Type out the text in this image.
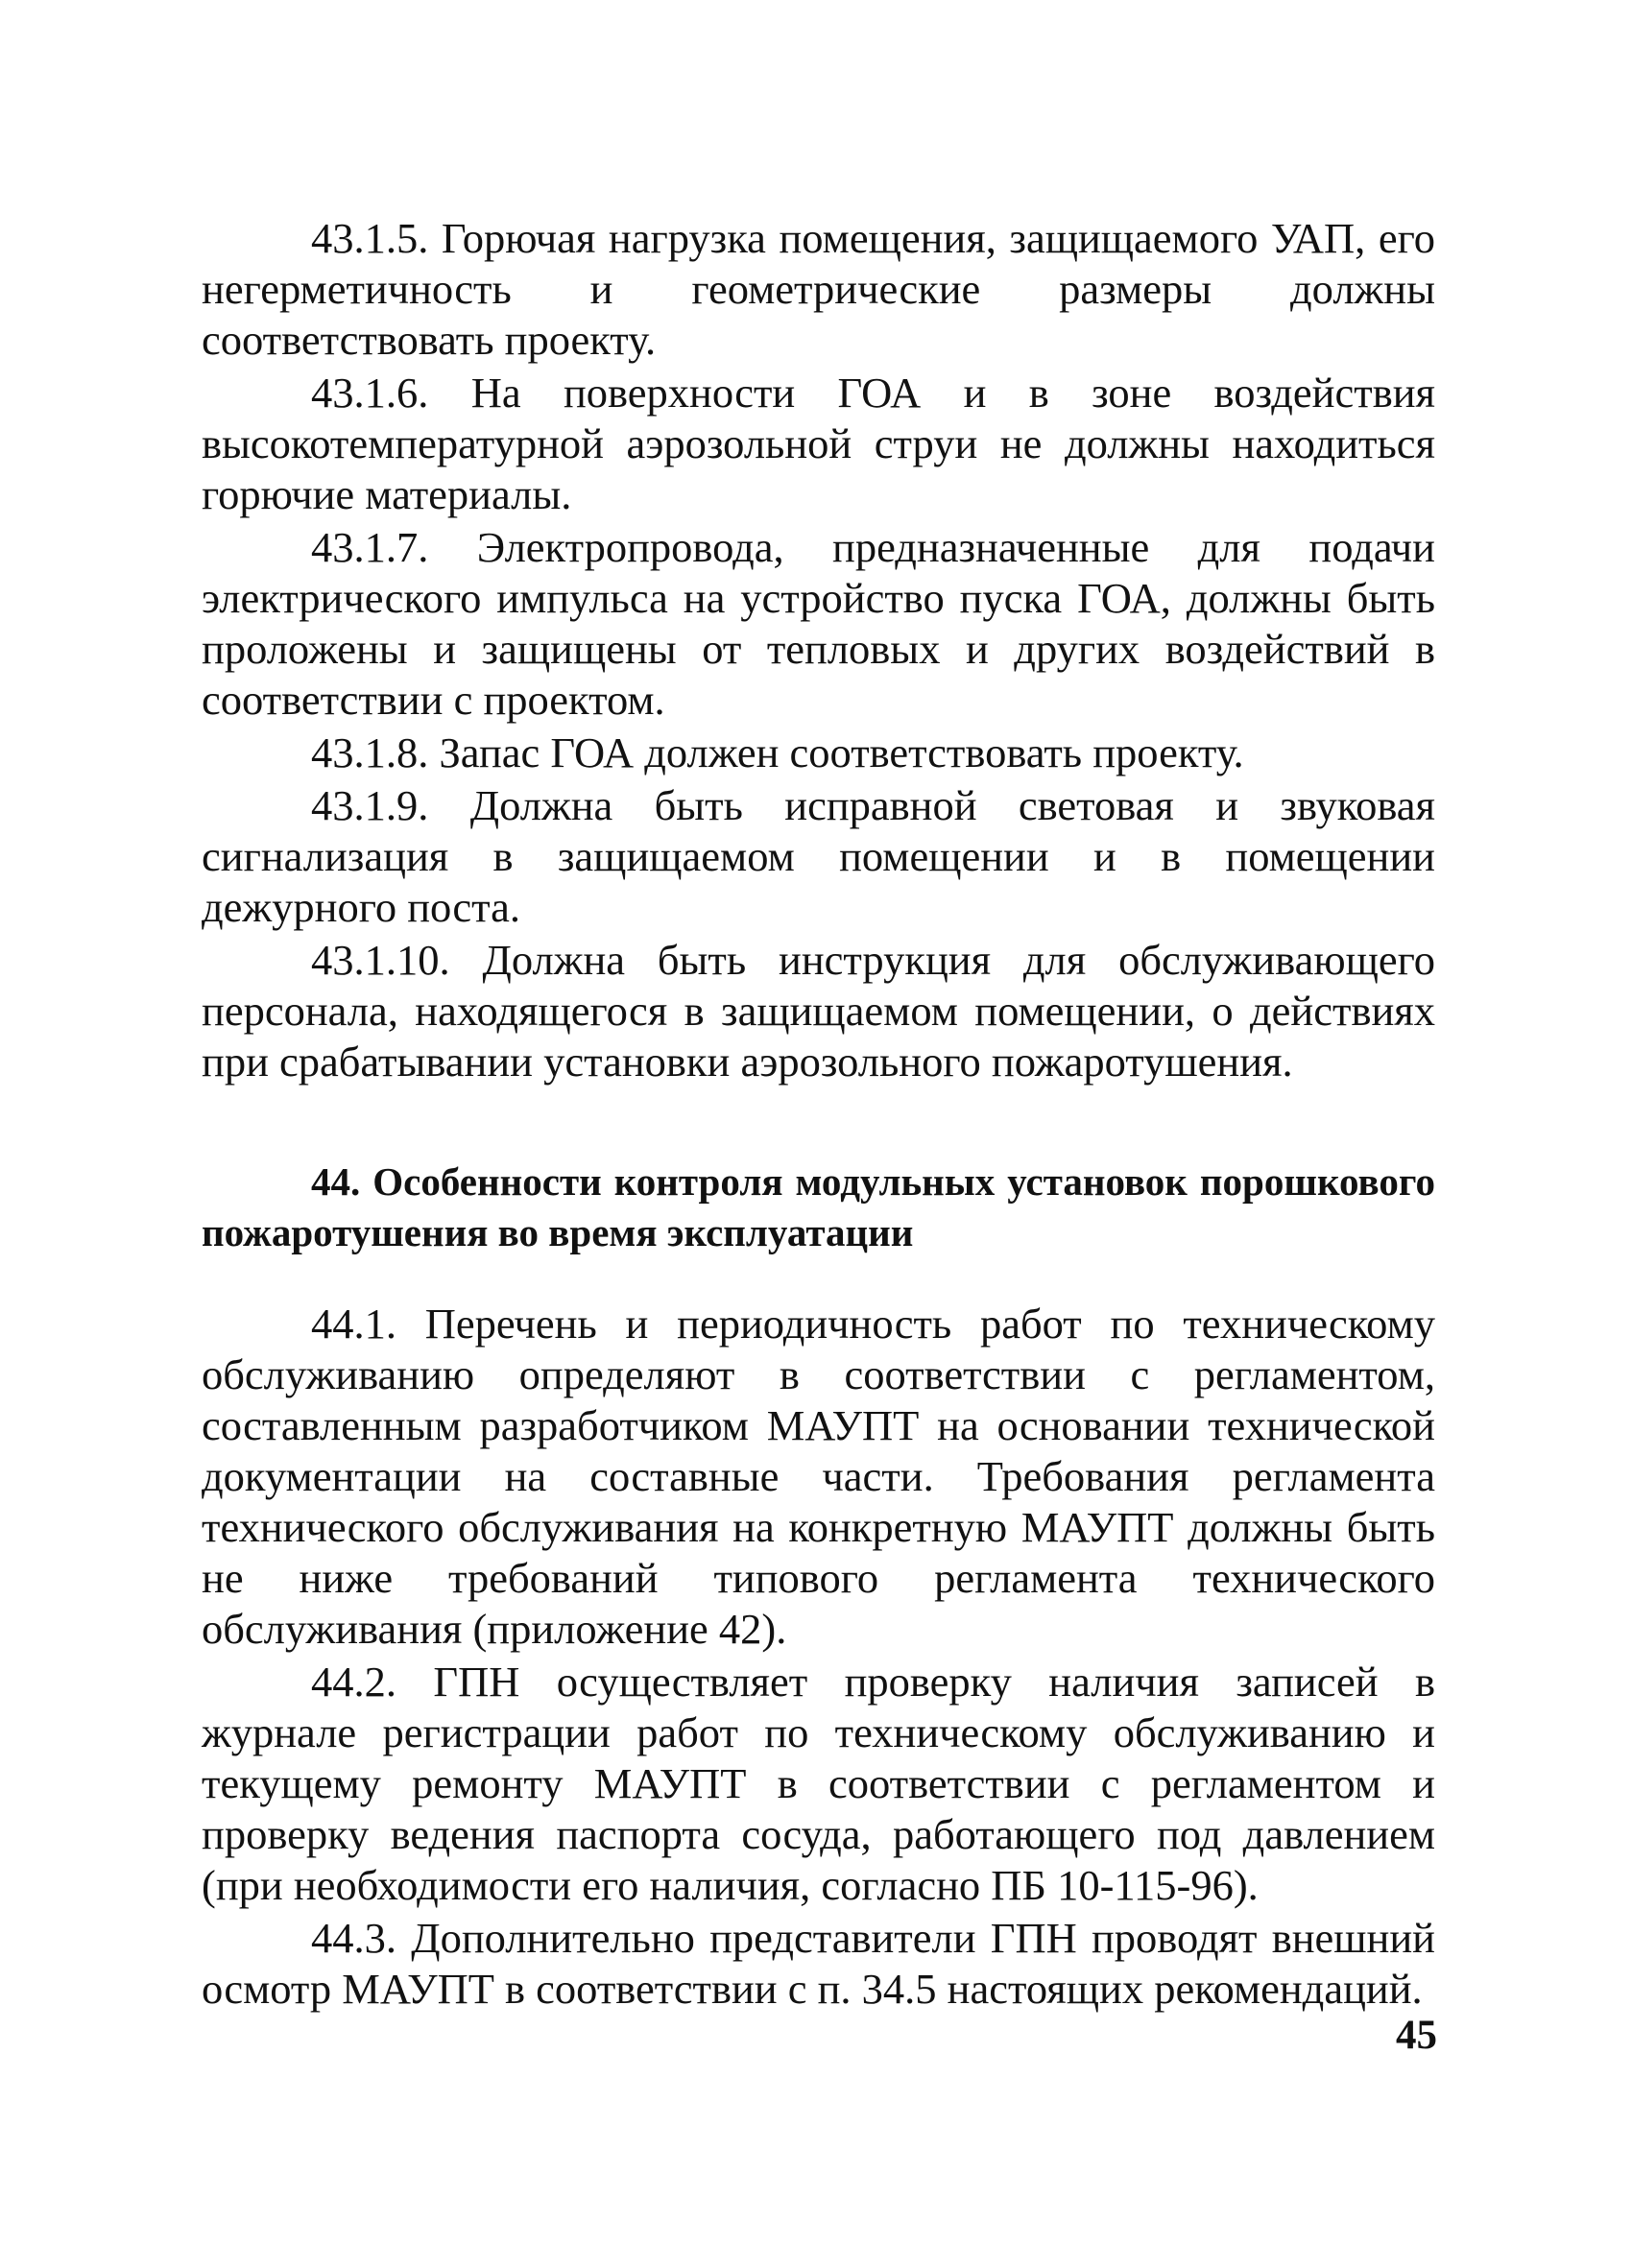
43.1.5. Горючая нагрузка помещения, защищаемого УАП, его негерметичность и геометрические размеры должны соответствовать проекту.

43.1.6. На поверхности ГОА и в зоне воздействия высокотемпературной аэрозольной струи не должны находиться горючие материалы.

43.1.7. Электропровода, предназначенные для подачи электрического импульса на устройство пуска ГОА, должны быть проложены и защищены от тепловых и других воздействий в соответствии с проектом.

43.1.8. Запас ГОА должен соответствовать проекту.

43.1.9. Должна быть исправной световая и звуковая сигнализация в защищаемом помещении и в помещении дежурного поста.

43.1.10. Должна быть инструкция для обслуживающего персонала, находящегося в защищаемом помещении, о действиях при срабатывании установки аэрозольного пожаротушения.

44. Особенности контроля модульных установок порошкового пожаротушения во время эксплуатации

44.1. Перечень и периодичность работ по техническому обслуживанию определяют в соответствии с регламентом, составленным разработчиком МАУПТ на основании технической документации на составные части. Требования регламента технического обслуживания на конкретную МАУПТ должны быть не ниже требований типового регламента технического обслуживания (приложение 42).

44.2. ГПН осуществляет проверку наличия записей в журнале регистрации работ по техническому обслуживанию и текущему ремонту МАУПТ в соответствии с регламентом и проверку ведения паспорта сосуда, работающего под давлением (при необходимости его наличия, согласно ПБ 10-115-96).

44.3. Дополнительно представители ГПН проводят внешний осмотр МАУПТ в соответствии с п. 34.5 настоящих рекомендаций.

45
